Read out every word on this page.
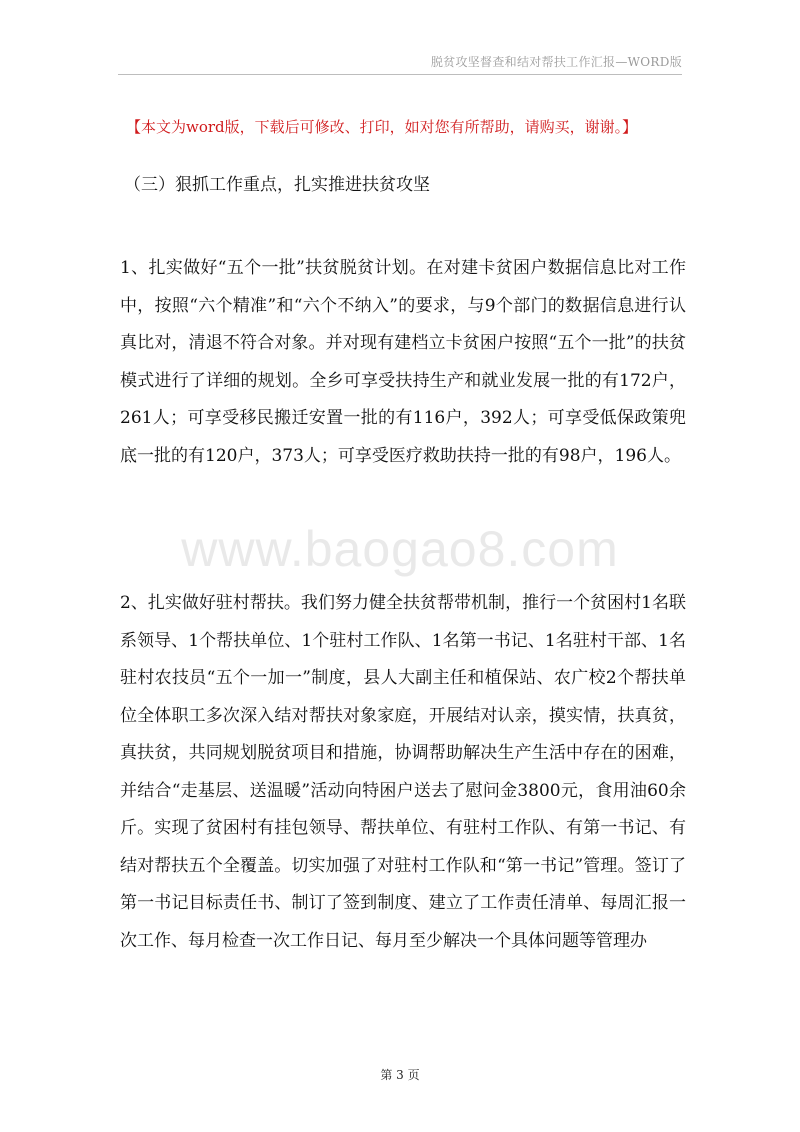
脱贫攻坚督查和结对帮扶工作汇报—WORD版
【本文为word版，下载后可修改、打印，如对您有所帮助，请购买，谢谢。】
（三）狠抓工作重点，扎实推进扶贫攻坚
1、扎实做好“五个一批”扶贫脱贫计划。在对建卡贫困户数据信息比对工作中，按照“六个精准”和“六个不纳入”的要求，与9个部门的数据信息进行认真比对，清退不符合对象。并对现有建档立卡贫困户按照“五个一批”的扶贫模式进行了详细的规划。全乡可享受扶持生产和就业发展一批的有172户，261人；可享受移民搬迁安置一批的有116户，392人；可享受低保政策兜底一批的有120户，373人；可享受医疗救助扶持一批的有98户，196人。
www.baogao8.com
2、扎实做好驻村帮扶。我们努力健全扶贫帮带机制，推行一个贫困村1名联系领导、1个帮扶单位、1个驻村工作队、1名第一书记、1名驻村干部、1名驻村农技员“五个一加一”制度，县人大副主任和植保站、农广校2个帮扶单位全体职工多次深入结对帮扶对象家庭，开展结对认亲，摸实情，扶真贫，真扶贫，共同规划脱贫项目和措施，协调帮助解决生产生活中存在的困难，并结合“走基层、送温暖”活动向特困户送去了慰问金3800元，食用油60余斤。实现了贫困村有挂包领导、帮扶单位、有驻村工作队、有第一书记、有结对帮扶五个全覆盖。切实加强了对驻村工作队和“第一书记”管理。签订了第一书记目标责任书、制订了签到制度、建立了工作责任清单、每周汇报一次工作、每月检查一次工作日记、每月至少解决一个具体问题等管理办
第 3 页
